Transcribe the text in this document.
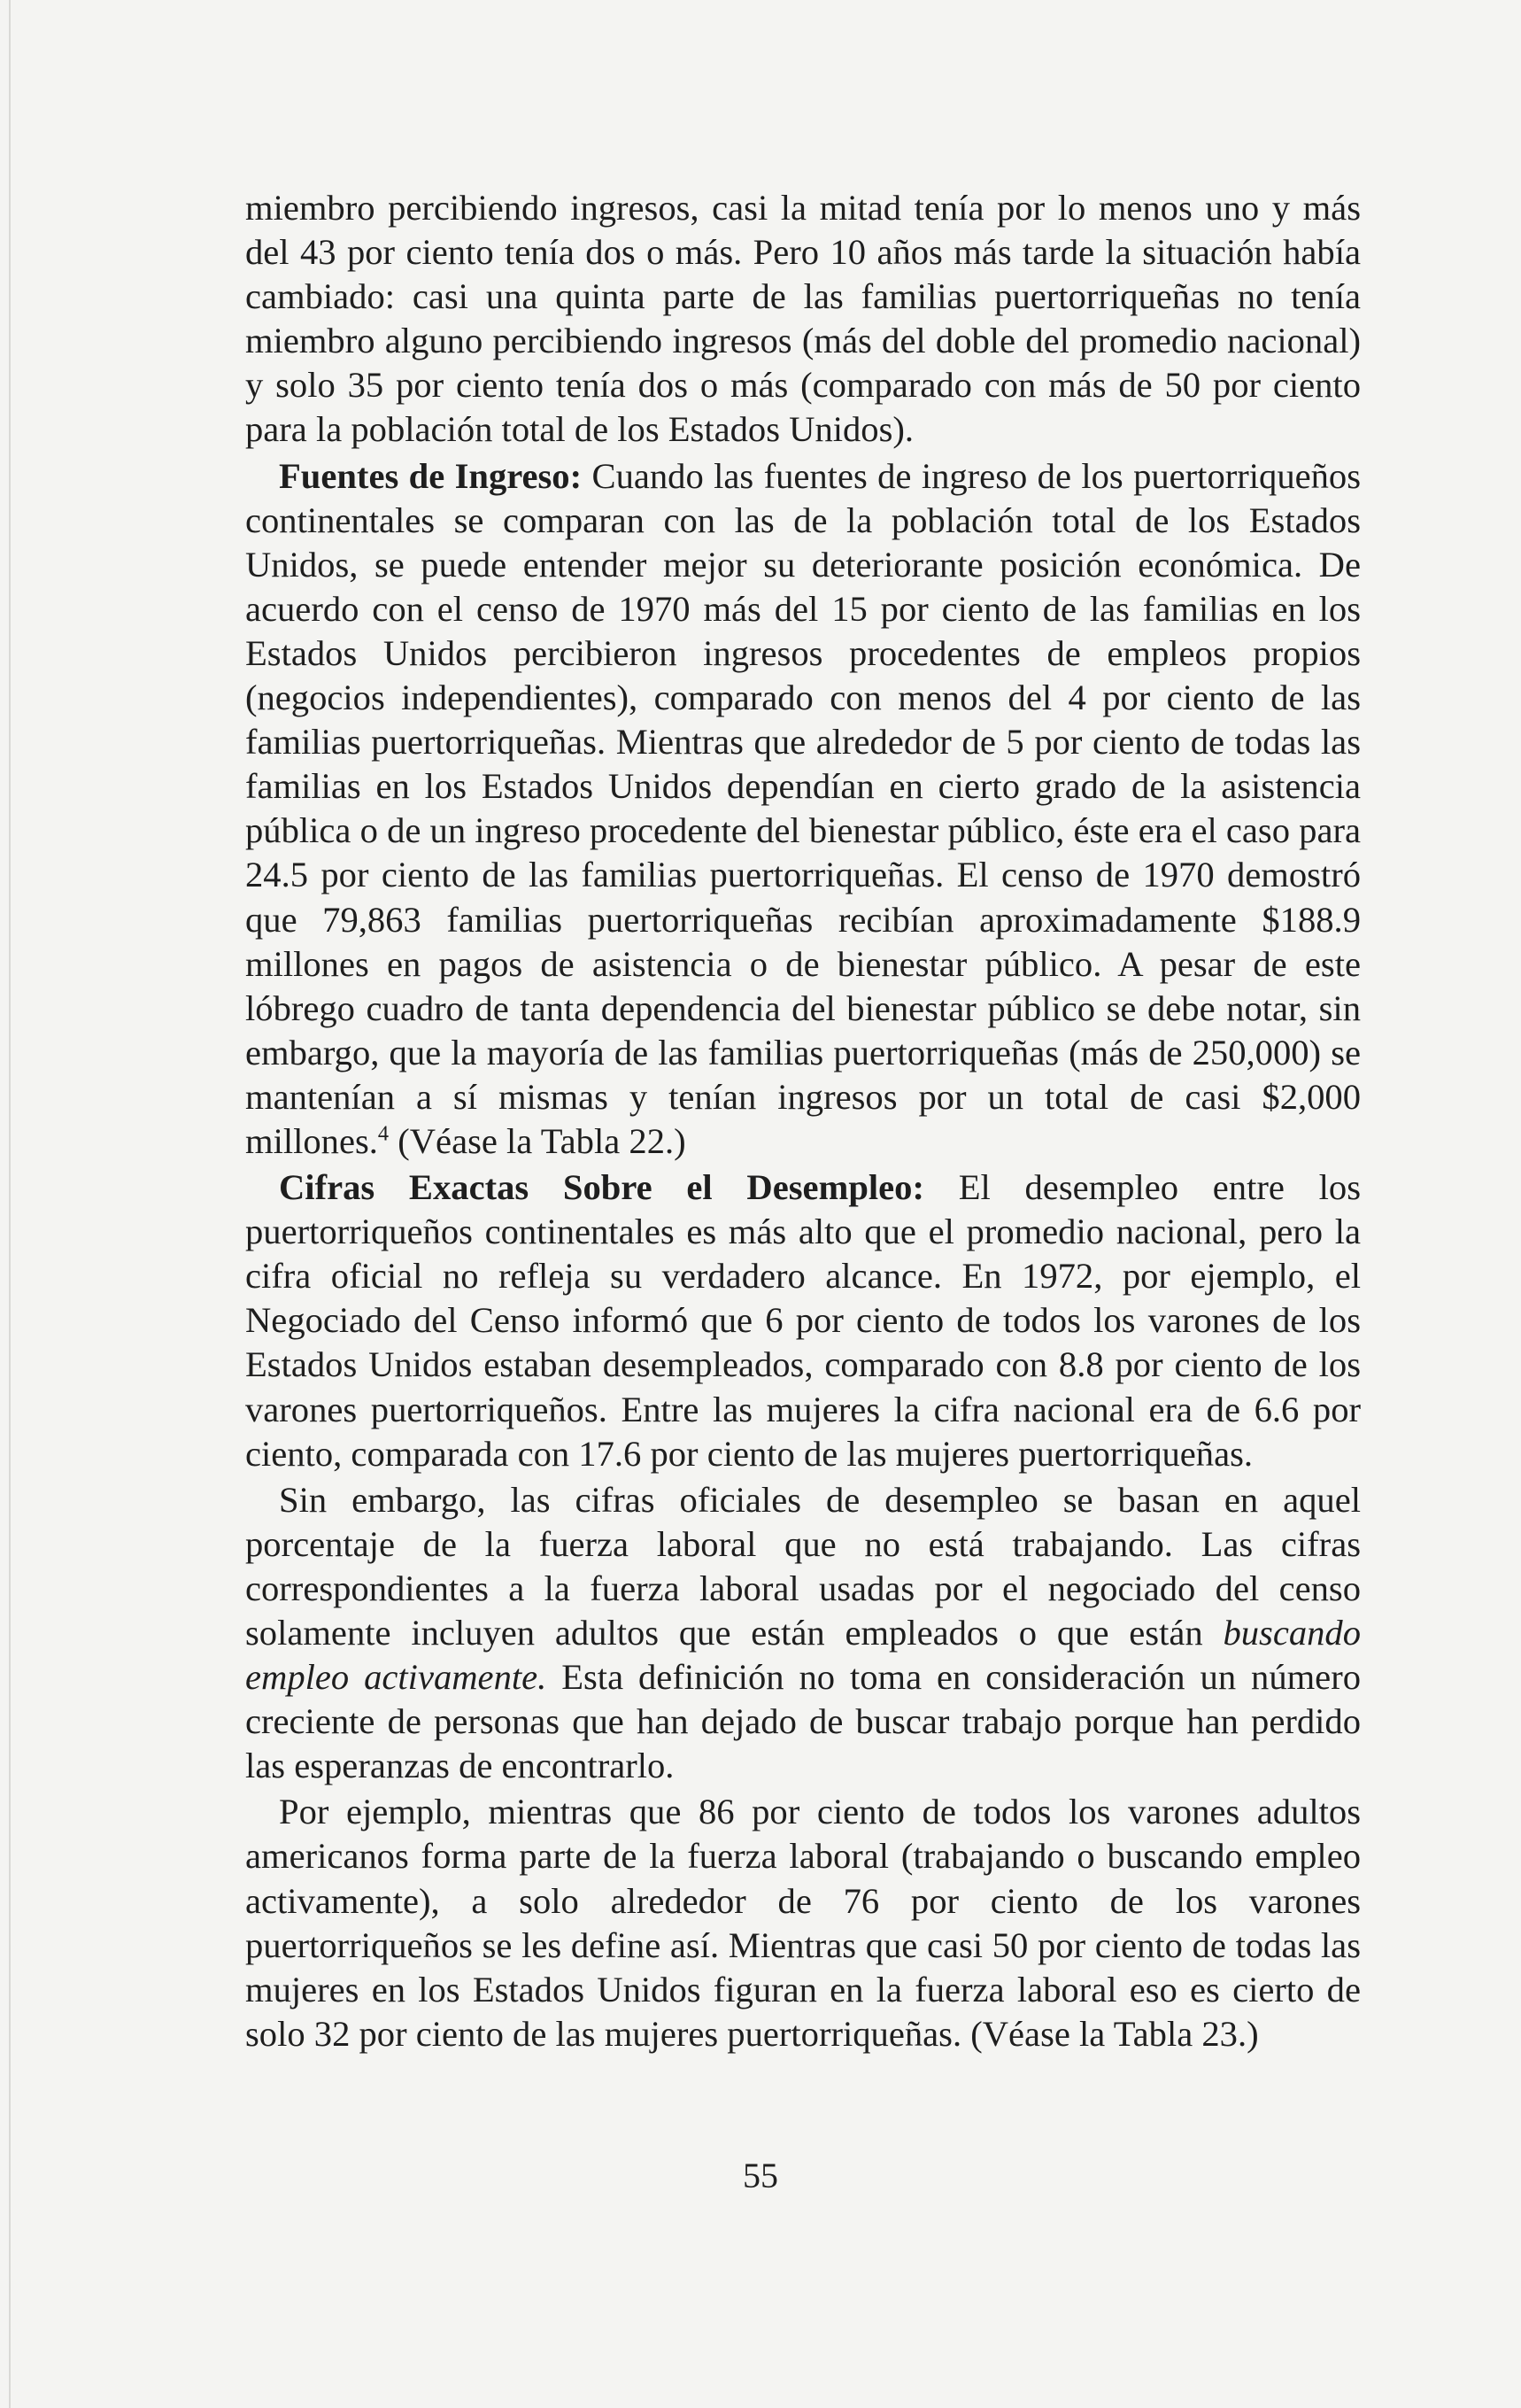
miembro percibiendo ingresos, casi la mitad tenía por lo menos uno y más del 43 por ciento tenía dos o más. Pero 10 años más tarde la situación había cambiado: casi una quinta parte de las familias puertorriqueñas no tenía miembro alguno percibiendo ingresos (más del doble del promedio nacional) y solo 35 por ciento tenía dos o más (comparado con más de 50 por ciento para la población total de los Estados Unidos).

Fuentes de Ingreso: Cuando las fuentes de ingreso de los puertorriqueños continentales se comparan con las de la población total de los Estados Unidos, se puede entender mejor su deteriorante posición económica. De acuerdo con el censo de 1970 más del 15 por ciento de las familias en los Estados Unidos percibieron ingresos procedentes de empleos propios (negocios independientes), comparado con menos del 4 por ciento de las familias puertorriqueñas. Mientras que alrededor de 5 por ciento de todas las familias en los Estados Unidos dependían en cierto grado de la asistencia pública o de un ingreso procedente del bienestar público, éste era el caso para 24.5 por ciento de las familias puertorriqueñas. El censo de 1970 demostró que 79,863 familias puertorriqueñas recibían aproximadamente $188.9 millones en pagos de asistencia o de bienestar público. A pesar de este lóbrego cuadro de tanta dependencia del bienestar público se debe notar, sin embargo, que la mayoría de las familias puertorriqueñas (más de 250,000) se mantenían a sí mismas y tenían ingresos por un total de casi $2,000 millones.$^4$ (Véase la Tabla 22.)

Cifras Exactas Sobre el Desempleo: El desempleo entre los puertorriqueños continentales es más alto que el promedio nacional, pero la cifra oficial no refleja su verdadero alcance. En 1972, por ejemplo, el Negociado del Censo informó que 6 por ciento de todos los varones de los Estados Unidos estaban desempleados, comparado con 8.8 por ciento de los varones puertorriqueños. Entre las mujeres la cifra nacional era de 6.6 por ciento, comparada con 17.6 por ciento de las mujeres puertorriqueñas.

Sin embargo, las cifras oficiales de desempleo se basan en aquel porcentaje de la fuerza laboral que no está trabajando. Las cifras correspondientes a la fuerza laboral usadas por el negociado del censo solamente incluyen adultos que están empleados o que están buscando empleo activamente. Esta definición no toma en consideración un número creciente de personas que han dejado de buscar trabajo porque han perdido las esperanzas de encontrarlo.

Por ejemplo, mientras que 86 por ciento de todos los varones adultos americanos forma parte de la fuerza laboral (trabajando o buscando empleo activamente), a solo alrededor de 76 por ciento de los varones puertorriqueños se les define así. Mientras que casi 50 por ciento de todas las mujeres en los Estados Unidos figuran en la fuerza laboral eso es cierto de solo 32 por ciento de las mujeres puertorriqueñas. (Véase la Tabla 23.)

55
